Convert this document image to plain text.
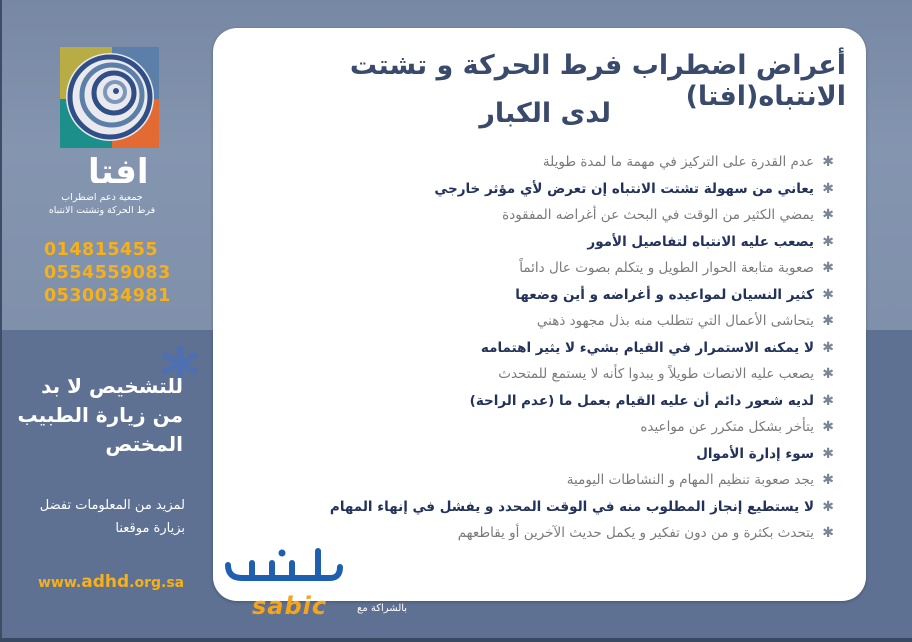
افتا
جمعية دعم اضطراب
فرط الحركة وتشتت الانتباه
014815455
0554559083
0530034981
*
للتشخيص لا بد
من زيارة الطبيب
المختص
لمزيد من المعلومات تفضل
بزيارة موقعنا
www.adhd.org.sa
أعراض اضطراب فرط الحركة و تشتت الانتباه(افتا)
لدى الكبار
✱
عدم القدرة على التركيز في مهمة ما لمدة طويلة
✱
يعاني من سهولة تشتت الانتباه إن تعرض لأي مؤثر خارجي
✱
يمضي الكثير من الوقت في البحث عن أغراضه المفقودة
✱
يصعب عليه الانتباه لتفاصيل الأمور
✱
صعوبة متابعة الحوار الطويل و يتكلم بصوت عال دائماً
✱
كثير النسيان لمواعيده و أغراضه و أين وضعها
✱
يتحاشى الأعمال التي تتطلب منه بذل مجهود ذهني
✱
لا يمكنه الاستمرار في القيام بشيء لا يثير اهتمامه
✱
يصعب عليه الانصات طويلاً و يبدوا كأنه لا يستمع للمتحدث
✱
لديه شعور دائم أن عليه القيام بعمل ما (عدم الراحة)
✱
يتأخر بشكل متكرر عن مواعيده
✱
سوء إدارة الأموال
✱
يجد صعوبة تنظيم المهام و النشاطات اليومية
✱
لا يستطيع إنجاز المطلوب منه في الوقت المحدد و يفشل في إنهاء المهام
✱
يتحدث بكثرة و من دون تفكير و يكمل حديث الآخرين أو يقاطعهم
sabic	بالشراكة مع
